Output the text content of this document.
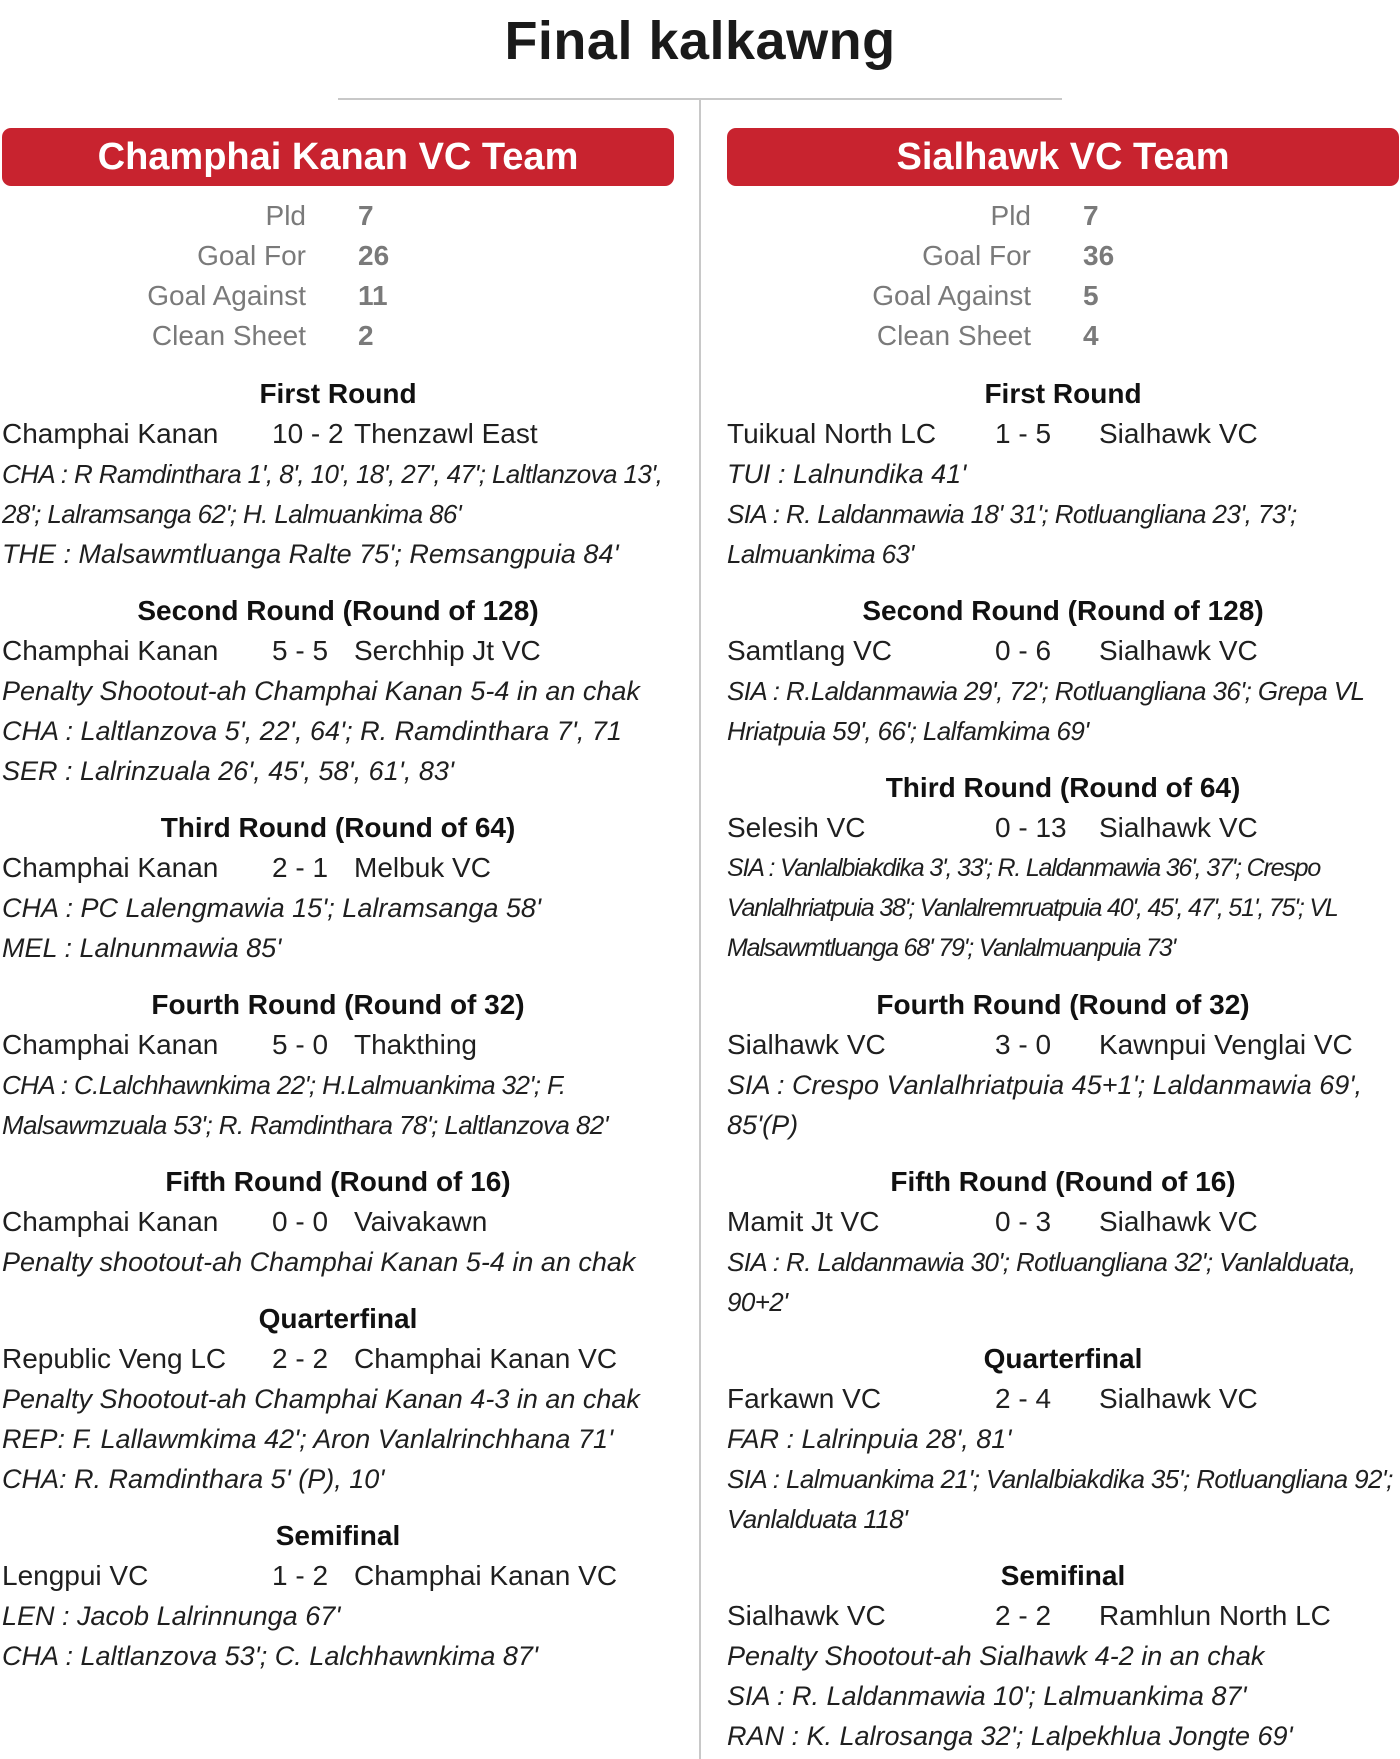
Final kalkawng
Champhai Kanan VC Team
Pld 7
Goal For 26
Goal Against 11
Clean Sheet 2
First Round
Champhai Kanan	10 - 2 Thenzawl East
CHA : R Ramdinthara 1', 8', 10', 18', 27', 47'; Laltlanzova 13', 28'; Lalramsanga 62'; H. Lalmuankima 86'
THE : Malsawmtluanga Ralte 75'; Remsangpuia 84'
Second Round (Round of 128)
Champhai Kanan	5 - 5 Serchhip Jt VC
Penalty Shootout-ah Champhai Kanan 5-4 in an chak
CHA : Laltlanzova 5', 22', 64'; R. Ramdinthara 7', 71
SER : Lalrinzuala 26', 45', 58', 61', 83'
Third Round (Round of 64)
Champhai Kanan	2 - 1 Melbuk VC
CHA : PC Lalengmawia 15'; Lalramsanga 58'
MEL : Lalnunmawia 85'
Fourth Round (Round of 32)
Champhai Kanan	5 - 0 Thakthing
CHA : C.Lalchhawnkima 22'; H.Lalmuankima 32'; F. Malsawmzuala 53'; R. Ramdinthara 78'; Laltlanzova 82'
Fifth Round (Round of 16)
Champhai Kanan	0 - 0 Vaivakawn
Penalty shootout-ah Champhai Kanan 5-4 in an chak
Quarterfinal
Republic Veng LC	2 - 2 Champhai Kanan VC
Penalty Shootout-ah Champhai Kanan 4-3 in an chak
REP: F. Lallawmkima 42'; Aron Vanlalrinchhana 71'
CHA: R. Ramdinthara 5' (P), 10'
Semifinal
Lengpui VC	1 - 2 Champhai Kanan VC
LEN : Jacob Lalrinnunga 67'
CHA : Laltlanzova 53'; C. Lalchhawnkima 87'
Sialhawk VC Team
Pld 7
Goal For 36
Goal Against 5
Clean Sheet 4
First Round
Tuikual North LC	1 - 5	Sialhawk VC
TUI : Lalnundika 41'
SIA : R. Laldanmawia 18' 31'; Rotluangliana 23', 73'; Lalmuankima 63'
Second Round (Round of 128)
Samtlang VC	0 - 6	Sialhawk VC
SIA : R.Laldanmawia 29', 72'; Rotluangliana 36'; Grepa VL Hriatpuia 59', 66'; Lalfamkima 69'
Third Round (Round of 64)
Selesih VC	0 - 13	Sialhawk VC
SIA : Vanlalbiakdika 3', 33'; R. Laldanmawia 36', 37'; Crespo Vanlalhriatpuia 38'; Vanlalremruatpuia 40', 45', 47', 51', 75'; VL Malsawmtluanga 68' 79'; Vanlalmuanpuia 73'
Fourth Round (Round of 32)
Sialhawk VC	3 - 0	Kawnpui Venglai VC
SIA : Crespo Vanlalhriatpuia 45+1'; Laldanmawia 69', 85'(P)
Fifth Round (Round of 16)
Mamit Jt VC	0 - 3	Sialhawk VC
SIA : R. Laldanmawia 30'; Rotluangliana 32'; Vanlalduata, 90+2'
Quarterfinal
Farkawn VC	2 - 4	Sialhawk VC
FAR : Lalrinpuia 28', 81'
SIA : Lalmuankima 21'; Vanlalbiakdika 35'; Rotluangliana 92'; Vanlalduata 118'
Semifinal
Sialhawk VC	2 - 2	Ramhlun North LC
Penalty Shootout-ah Sialhawk 4-2 in an chak
SIA : R. Laldanmawia 10'; Lalmuankima 87'
RAN : K. Lalrosanga 32'; Lalpekhlua Jongte 69'
